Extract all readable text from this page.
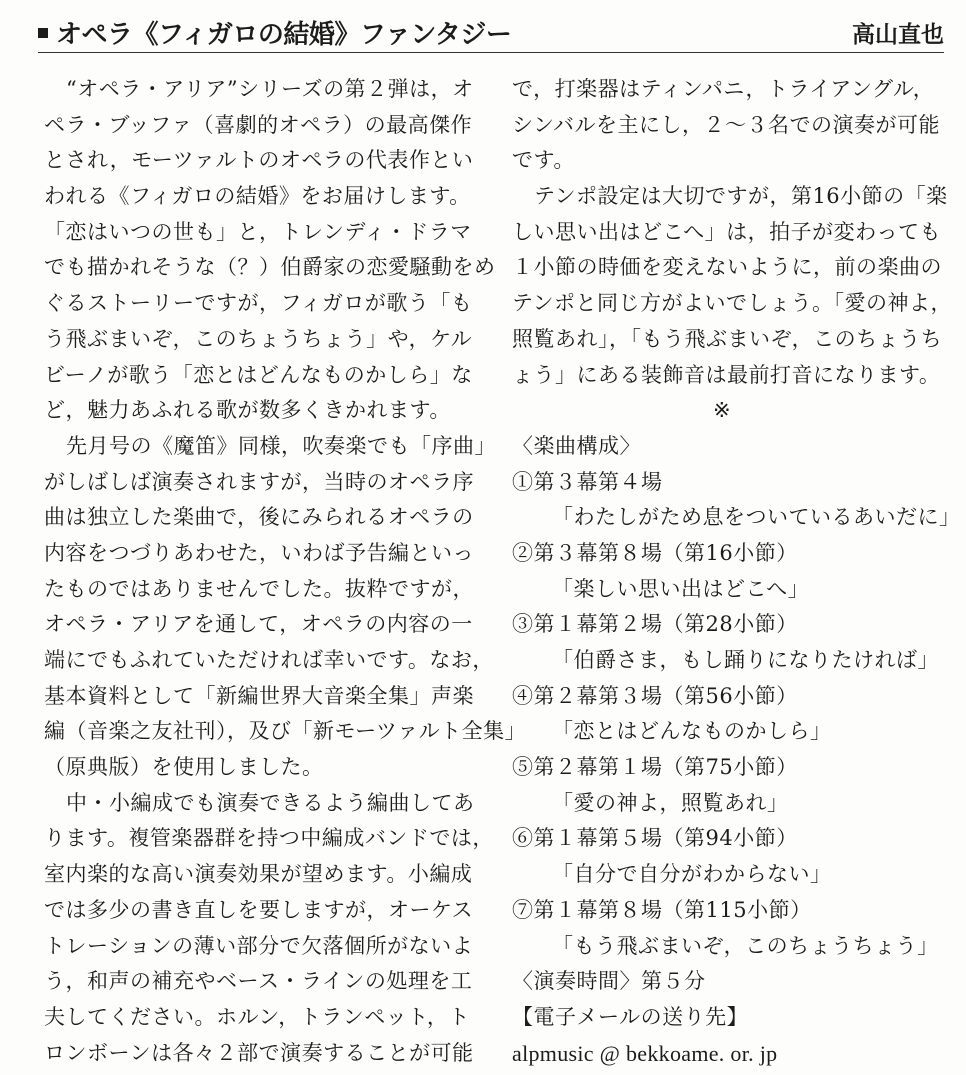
オペラ《フィガロの結婚》ファンタジー	高山直也
“オペラ・アリア”シリーズの第２弾は，オ
ペラ・ブッファ（喜劇的オペラ）の最高傑作
とされ，モーツァルトのオペラの代表作とい
われる《フィガロの結婚》をお届けします。
「恋はいつの世も」と，トレンディ・ドラマ
でも描かれそうな（？）伯爵家の恋愛騒動をめ
ぐるストーリーですが，フィガロが歌う「も
う飛ぶまいぞ，このちょうちょう」や，ケル
ビーノが歌う「恋とはどんなものかしら」な
ど，魅力あふれる歌が数多くきかれます。
先月号の《魔笛》同様，吹奏楽でも「序曲」
がしばしば演奏されますが，当時のオペラ序
曲は独立した楽曲で，後にみられるオペラの
内容をつづりあわせた，いわば予告編といっ
たものではありませんでした。抜粋ですが，
オペラ・アリアを通して，オペラの内容の一
端にでもふれていただければ幸いです。なお，
基本資料として「新編世界大音楽全集」声楽
編（音楽之友社刊），及び「新モーツァルト全集」
（原典版）を使用しました。
中・小編成でも演奏できるよう編曲してあ
ります。複管楽器群を持つ中編成バンドでは，
室内楽的な高い演奏効果が望めます。小編成
では多少の書き直しを要しますが，オーケス
トレーションの薄い部分で欠落個所がないよ
う，和声の補充やベース・ラインの処理を工
夫してください。ホルン，トランペット，ト
ロンボーンは各々２部で演奏することが可能
で，打楽器はティンパニ，トライアングル，
シンバルを主にし，２～３名での演奏が可能
です。
テンポ設定は大切ですが，第16小節の「楽
しい思い出はどこへ」は，拍子が変わっても
１小節の時価を変えないように，前の楽曲の
テンポと同じ方がよいでしょう。「愛の神よ，
照覧あれ」，「もう飛ぶまいぞ，このちょうち
ょう」にある装飾音は最前打音になります。
※
〈楽曲構成〉
①第３幕第４場
「わたしがため息をついているあいだに」
②第３幕第８場（第16小節）
「楽しい思い出はどこへ」
③第１幕第２場（第28小節）
「伯爵さま，もし踊りになりたければ」
④第２幕第３場（第56小節）
「恋とはどんなものかしら」
⑤第２幕第１場（第75小節）
「愛の神よ，照覧あれ」
⑥第１幕第５場（第94小節）
「自分で自分がわからない」
⑦第１幕第８場（第115小節）
「もう飛ぶまいぞ，このちょうちょう」
〈演奏時間〉第５分
【電子メールの送り先】
alpmusic @ bekkoame. or. jp
